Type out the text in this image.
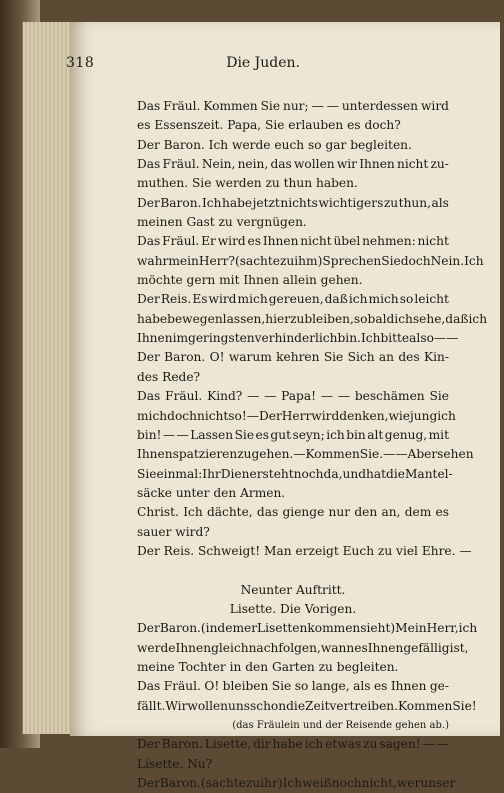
318	Die Juden.
Das Fräul. Kommen Sie nur; — — unterdessen wird
es Essenszeit. Papa, Sie erlauben es doch?
Der Baron. Ich werde euch so gar begleiten.
Das Fräul. Nein, nein, das wollen wir Ihnen nicht zu-
muthen. Sie werden zu thun haben.
Der Baron. Ich habe jetzt nichts wichtigers zu thun, als
meinen Gast zu vergnügen.
Das Fräul. Er wird es Ihnen nicht übel nehmen: nicht
wahr mein Herr? (sachte zu ihm) Sprechen Sie doch Nein. Ich
möchte gern mit Ihnen allein gehen.
Der Reis. Es wird mich gereuen, daß ich mich so leicht
habe bewegen lassen, hier zu bleiben, so bald ich sehe, daß ich
Ihnen im geringsten verhinderlich bin. Ich bitte also — —
Der Baron. O! warum kehren Sie Sich an des Kin-
des Rede?
Das Fräul. Kind? — — Papa! — — beschämen Sie
mich doch nicht so! — Der Herr wird denken, wie jung ich
bin! — — Lassen Sie es gut seyn; ich bin alt genug, mit
Ihnen spatzieren zu gehen. — Kommen Sie. — — Aber sehen
Sie einmal: Ihr Diener steht noch da, und hat die Mantel-
säcke unter den Armen.
Christ. Ich dächte, das gienge nur den an, dem es
sauer wird?
Der Reis. Schweigt! Man erzeigt Euch zu viel Ehre. —
Neunter Auftritt.
Lisette. Die Vorigen.
Der Baron. (indem er Lisetten kommen sieht) Mein Herr, ich
werde Ihnen gleich nachfolgen, wann es Ihnen gefällig ist,
meine Tochter in den Garten zu begleiten.
Das Fräul. O! bleiben Sie so lange, als es Ihnen ge-
fällt. Wir wollen uns schon die Zeit vertreiben. Kommen Sie!
(das Fräulein und der Reisende gehen ab.)
Der Baron. Lisette, dir habe ich etwas zu sagen! — —
Lisette. Nu?
Der Baron. (sachte zu ihr) Ich weiß noch nicht, wer unser
